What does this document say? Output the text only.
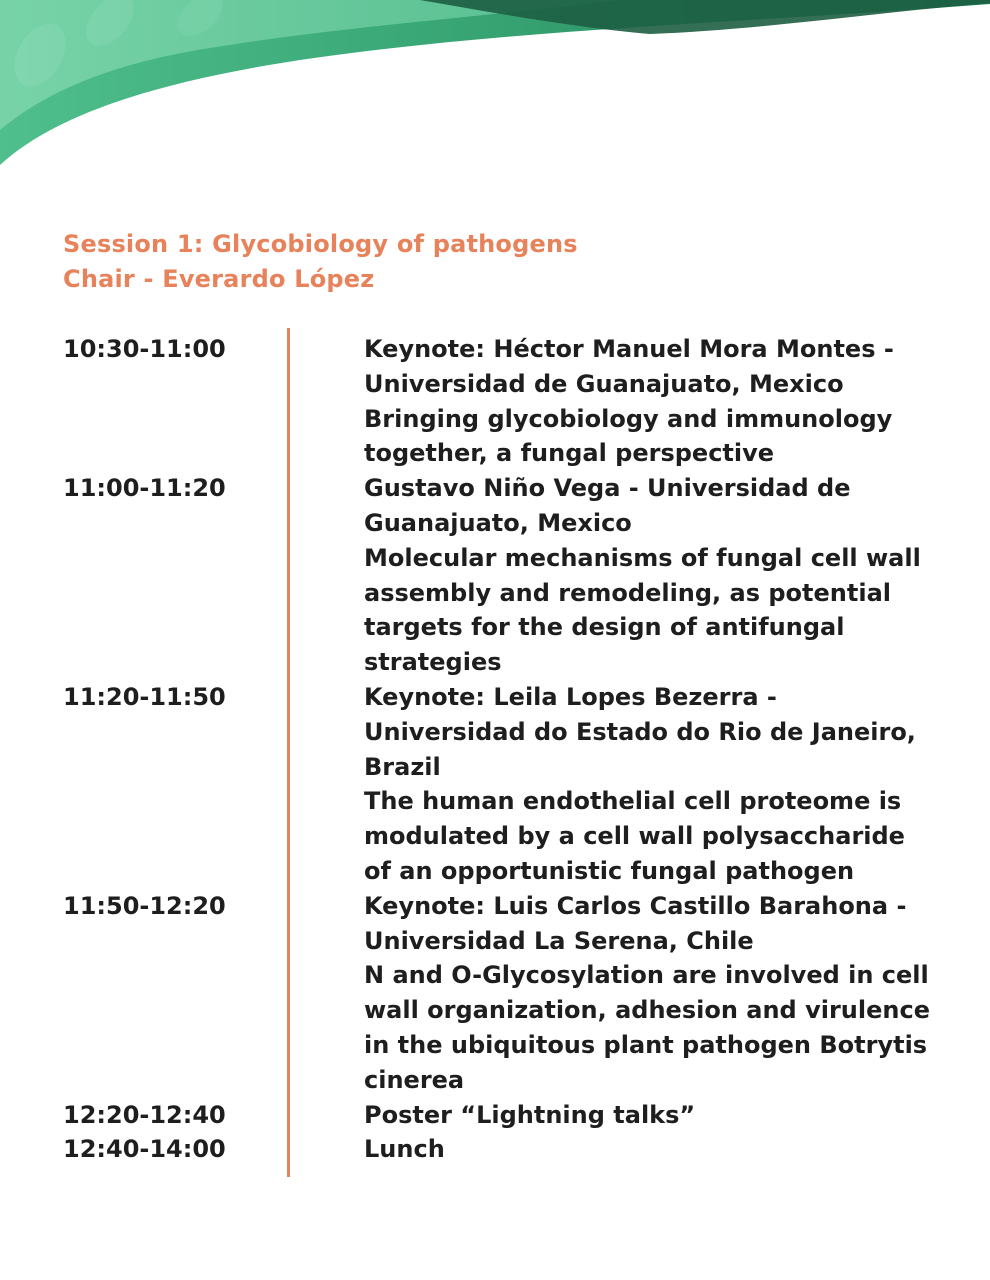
Session 1: Glycobiology of pathogens
Chair - Everardo López
10:30-11:00	Keynote: Héctor Manuel Mora Montes -
Universidad de Guanajuato, Mexico
Bringing glycobiology and immunology
together, a fungal perspective
11:00-11:20	Gustavo Niño Vega - Universidad de
Guanajuato, Mexico
Molecular mechanisms of fungal cell wall
assembly and remodeling, as potential
targets for the design of antifungal
strategies
11:20-11:50	Keynote: Leila Lopes Bezerra -
Universidad do Estado do Rio de Janeiro,
Brazil
The human endothelial cell proteome is
modulated by a cell wall polysaccharide
of an opportunistic fungal pathogen
11:50-12:20	Keynote: Luis Carlos Castillo Barahona -
Universidad La Serena, Chile
N and O-Glycosylation are involved in cell
wall organization, adhesion and virulence
in the ubiquitous plant pathogen Botrytis
cinerea
12:20-12:40	Poster “Lightning talks”
12:40-14:00	Lunch
